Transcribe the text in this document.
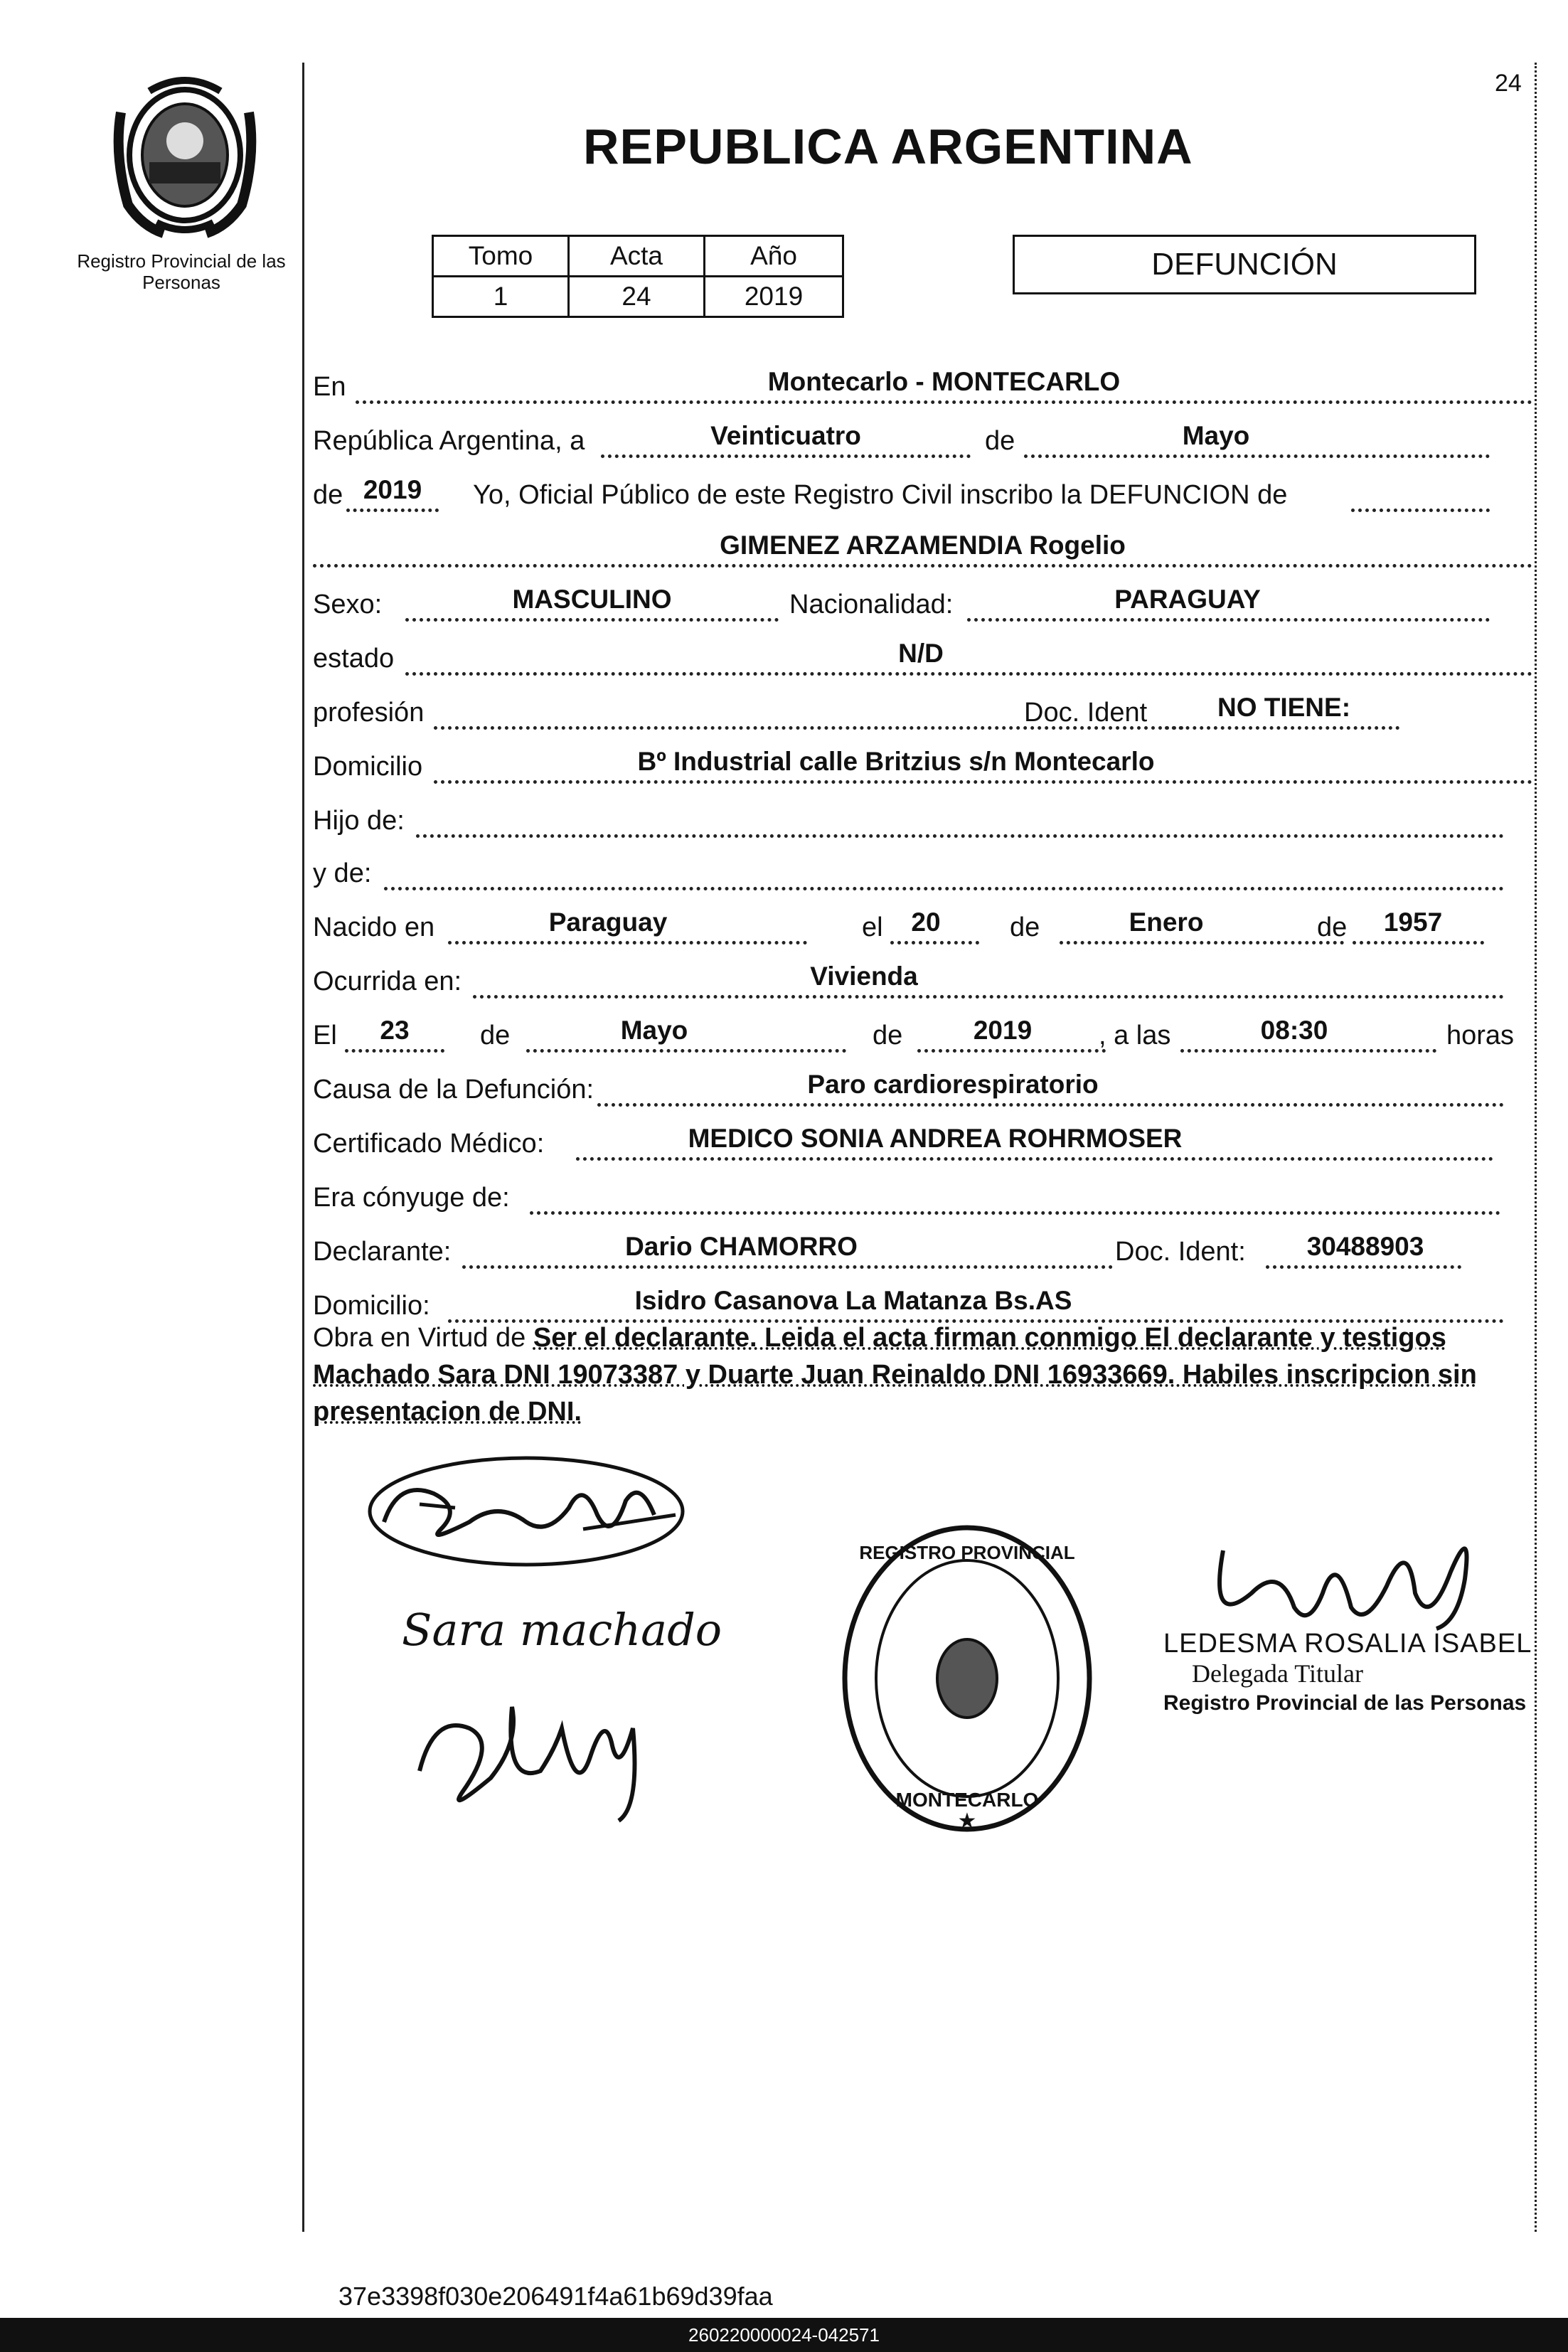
24
Registro Provincial de las Personas
REPUBLICA ARGENTINA
Tomo	Acta	Año
1	24	2019
DEFUNCIÓN
En	Montecarlo - MONTECARLO
República Argentina, a	Veinticuatro	de	Mayo
de 2019	Yo, Oficial Público de este Registro Civil inscribo la DEFUNCION de
GIMENEZ ARZAMENDIA Rogelio
Sexo:	MASCULINO	Nacionalidad:	PARAGUAY
estado	N/D
profesión	Doc. Ident	NO TIENE:
Domicilio	Bº Industrial calle Britzius s/n Montecarlo
Hijo de:
y de:
Nacido en	Paraguay	el	20	de	Enero	de	1957
Ocurrida en:	Vivienda
El	23	de	Mayo	de	2019	, a las	08:30	horas
Causa de la Defunción:	Paro cardiorespiratorio
Certificado Médico:	MEDICO SONIA ANDREA ROHRMOSER
Era cónyuge de:
Declarante:	Dario CHAMORRO	Doc. Ident:	30488903
Domicilio:	Isidro Casanova La Matanza Bs.AS
Obra en Virtud de Ser el declarante. Leida el acta firman conmigo El declarante y testigos Machado Sara DNI 19073387 y Duarte Juan Reinaldo DNI 16933669. Habiles inscripcion sin presentacion de DNI.
Sara machado
REGISTRO PROVINCIAL
MONTECARLO
★
LEDESMA ROSALIA ISABEL
Delegada Titular
Registro Provincial de las Personas
37e3398f030e206491f4a61b69d39faa
260220000024-042571
